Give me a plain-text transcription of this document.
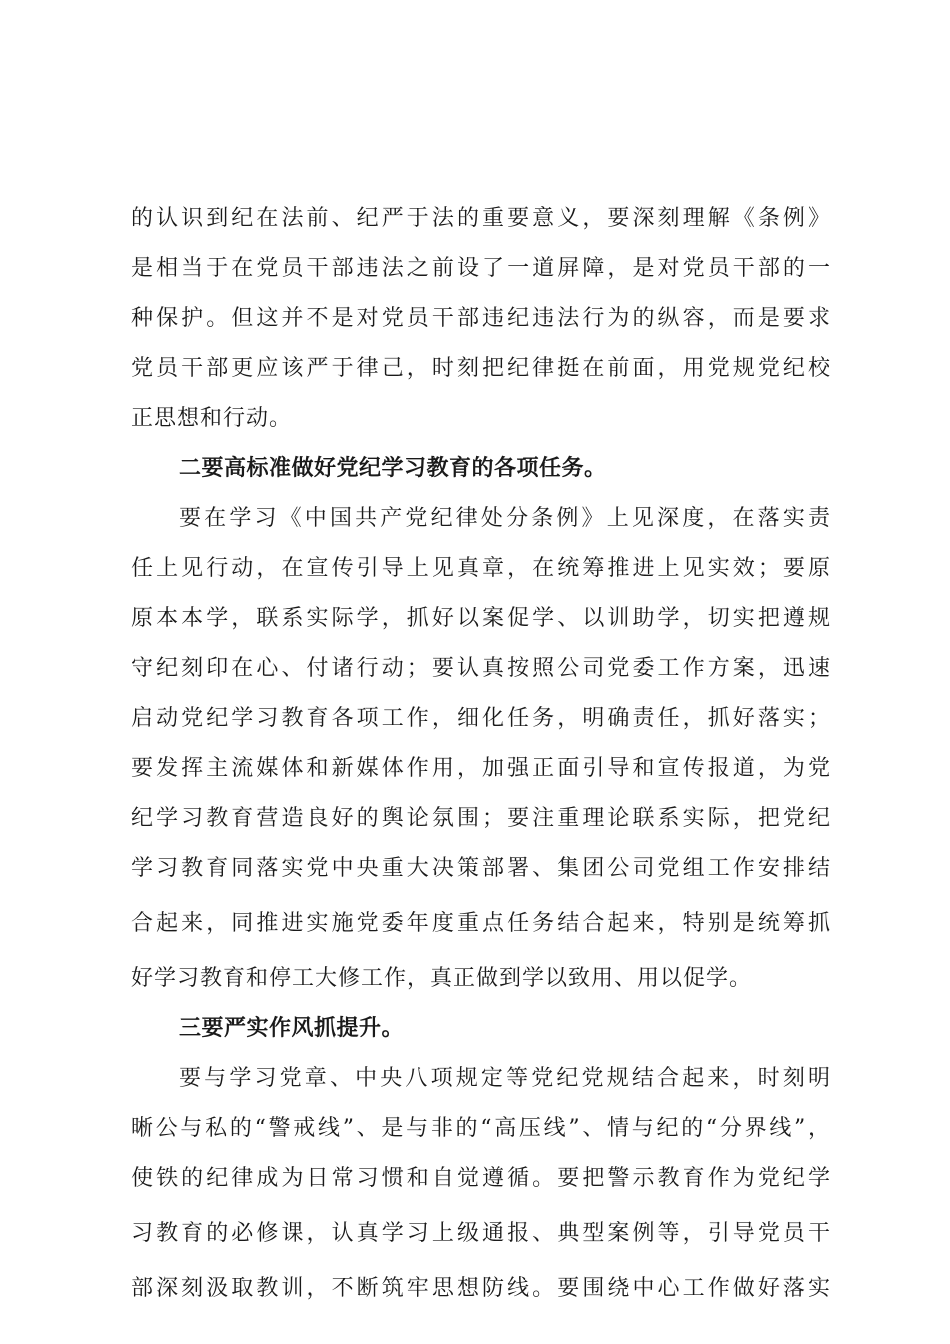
的认识到纪在法前、纪严于法的重要意义，要深刻理解《条例》
是相当于在党员干部违法之前设了一道屏障，是对党员干部的一
种保护。但这并不是对党员干部违纪违法行为的纵容，而是要求
党员干部更应该严于律己，时刻把纪律挺在前面，用党规党纪校
正思想和行动。
二要高标准做好党纪学习教育的各项任务。
要在学习《中国共产党纪律处分条例》上见深度，在落实责
任上见行动，在宣传引导上见真章，在统筹推进上见实效；要原
原本本学，联系实际学，抓好以案促学、以训助学，切实把遵规
守纪刻印在心、付诸行动；要认真按照公司党委工作方案，迅速
启动党纪学习教育各项工作，细化任务，明确责任，抓好落实；
要发挥主流媒体和新媒体作用，加强正面引导和宣传报道，为党
纪学习教育营造良好的舆论氛围；要注重理论联系实际，把党纪
学习教育同落实党中央重大决策部署、集团公司党组工作安排结
合起来，同推进实施党委年度重点任务结合起来，特别是统筹抓
好学习教育和停工大修工作，真正做到学以致用、用以促学。
三要严实作风抓提升。
要与学习党章、中央八项规定等党纪党规结合起来，时刻明
晰公与私的“警戒线”、是与非的“高压线”、情与纪的“分界线”，
使铁的纪律成为日常习惯和自觉遵循。要把警示教育作为党纪学
习教育的必修课，认真学习上级通报、典型案例等，引导党员干
部深刻汲取教训，不断筑牢思想防线。要围绕中心工作做好落实
